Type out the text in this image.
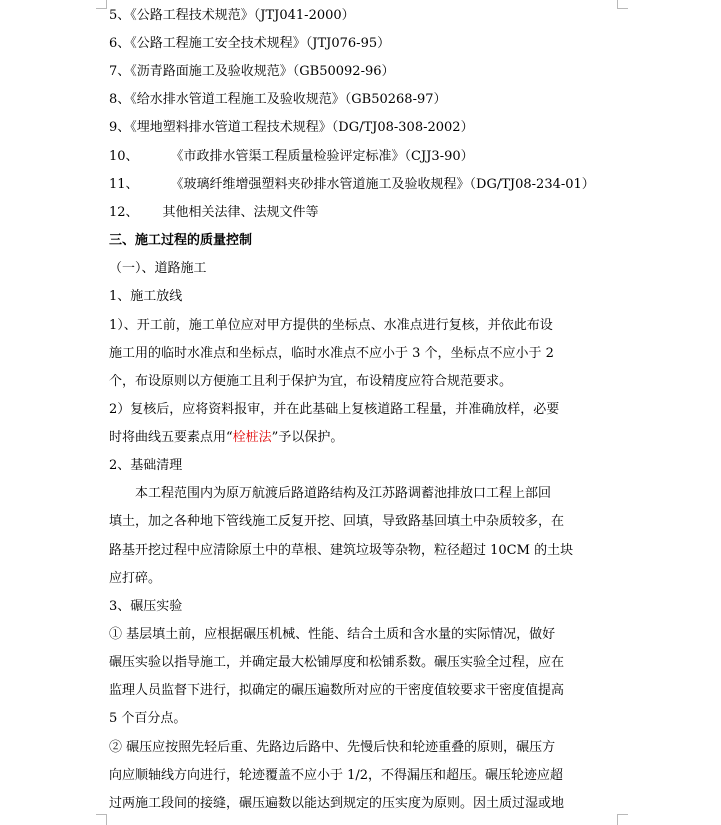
5、《公路工程技术规范》（JTJ041-2000）
6、《公路工程施工安全技术规程》（JTJ076-95）
7、《沥青路面施工及验收规范》（GB50092-96）
8、《给水排水管道工程施工及验收规范》（GB50268-97）
9、《埋地塑料排水管道工程技术规程》（DG/TJ08-308-2002）
10、 《市政排水管渠工程质量检验评定标准》（CJJ3-90）
11、 《玻璃纤维增强塑料夹砂排水管道施工及验收规程》（DG/TJ08-234-01）
12、 其他相关法律、法规文件等
三、施工过程的质量控制
（一）、道路施工
1、施工放线
1）、开工前，施工单位应对甲方提供的坐标点、水准点进行复核，并依此布设
施工用的临时水准点和坐标点，临时水准点不应小于 3 个，坐标点不应小于 2
个，布设原则以方便施工且利于保护为宜，布设精度应符合规范要求。
2）复核后，应将资料报审，并在此基础上复核道路工程量，并准确放样，必要
时将曲线五要素点用“栓桩法”予以保护。
2、基础清理
本工程范围内为原万航渡后路道路结构及江苏路调蓄池排放口工程上部回
填土，加之各种地下管线施工反复开挖、回填，导致路基回填土中杂质较多，在
路基开挖过程中应清除原土中的草根、建筑垃圾等杂物，粒径超过 10CM 的土块
应打碎。
3、碾压实验
① 基层填土前，应根据碾压机械、性能、结合土质和含水量的实际情况，做好
碾压实验以指导施工，并确定最大松铺厚度和松铺系数。碾压实验全过程，应在
监理人员监督下进行，拟确定的碾压遍数所对应的干密度值较要求干密度值提高
5 个百分点。
② 碾压应按照先轻后重、先路边后路中、先慢后快和轮迹重叠的原则，碾压方
向应顺轴线方向进行，轮迹覆盖不应小于 1/2，不得漏压和超压。碾压轮迹应超
过两施工段间的接缝，碾压遍数以能达到规定的压实度为原则。因土质过湿或地
